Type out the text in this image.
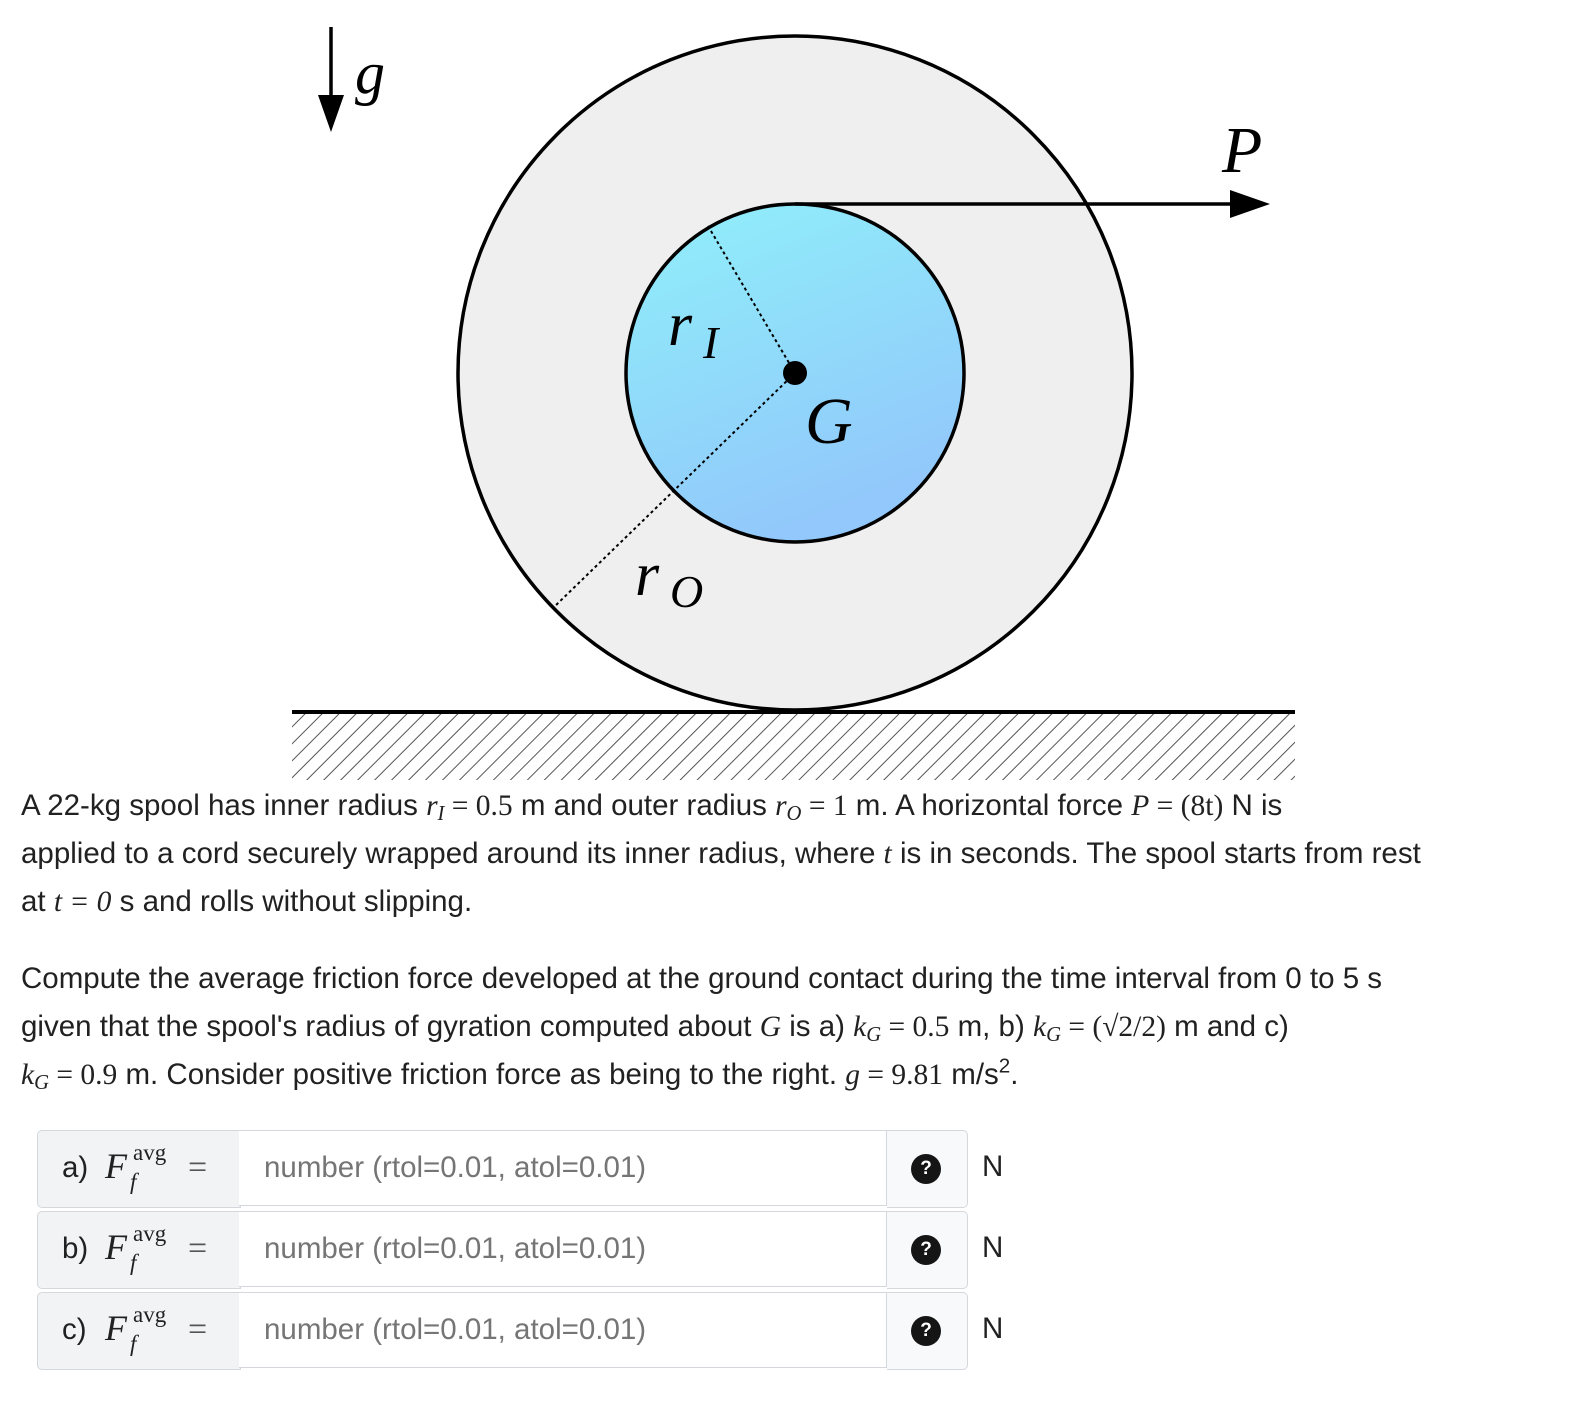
g
P
r I
r O
G
A 22-kg spool has inner radius $r_I = 0.5$ m and outer radius $r_O = 1$ m. A horizontal force P = (8t) N is
applied to a cord securely wrapped around its inner radius, where t is in seconds. The spool starts from rest
at t = 0 s and rolls without slipping.
Compute the average friction force developed at the ground contact during the time interval from 0 to 5 s
given that the spool's radius of gyration computed about G is a) $k_G = 0.5$ m, b) $k_G = (√2/2)$ m and c)
$k_G = 0.9$ m. Consider positive friction force as being to the right. g = 9.81 $m/s^2$.
a) F avg
f =
number (rtol=0.01, atol=0.01)	?	N
b) F avg
f =
number (rtol=0.01, atol=0.01)	?	N
c) F avg
f =
number (rtol=0.01, atol=0.01)	?	N
